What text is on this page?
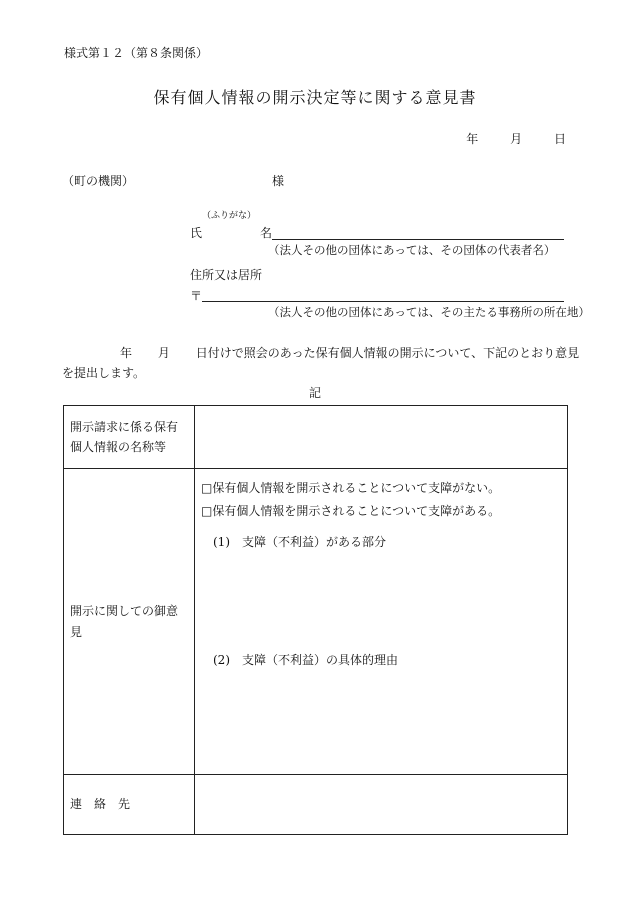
様式第１２（第８条関係）
保有個人情報の開示決定等に関する意見書
年	月	日
（町の機関）	様
（ふりがな）
氏	名
（法人その他の団体にあっては、その団体の代表者名）
住所又は居所
〒
（法人その他の団体にあっては、その主たる事務所の所在地）
年 月 日付けで照会のあった保有個人情報の開示について、下記のとおり意見
を提出します。
記
開示請求に係る保有個人情報の名称等	
開示に関しての御意見	□保有個人情報を開示されることについて支障がない。
□保有個人情報を開示されることについて支障がある。
(1)　支障（不利益）がある部分
(2)　支障（不利益）の具体的理由

連　絡　先	
